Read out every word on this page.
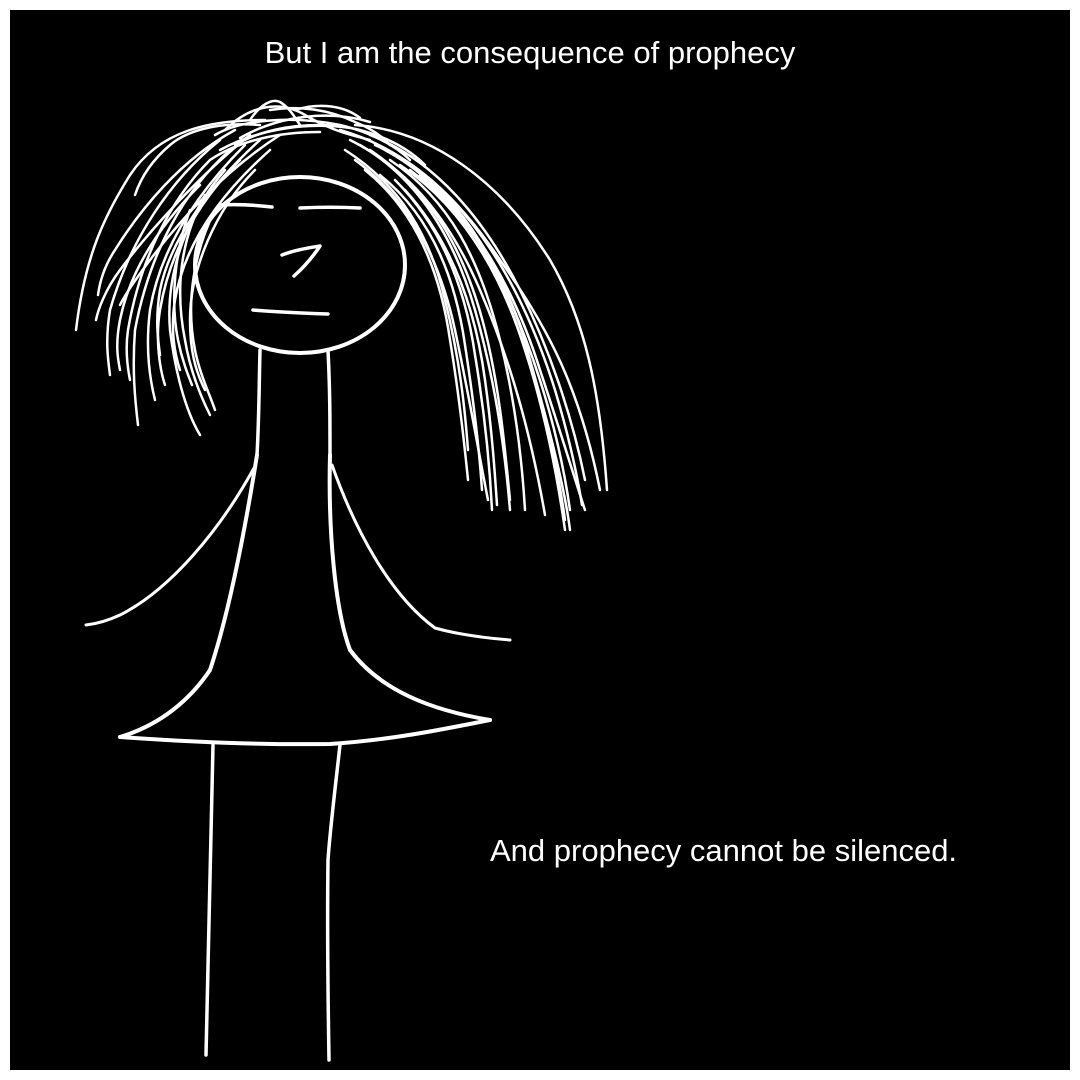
But I am the consequence of prophecy

And prophecy cannot be silenced.
